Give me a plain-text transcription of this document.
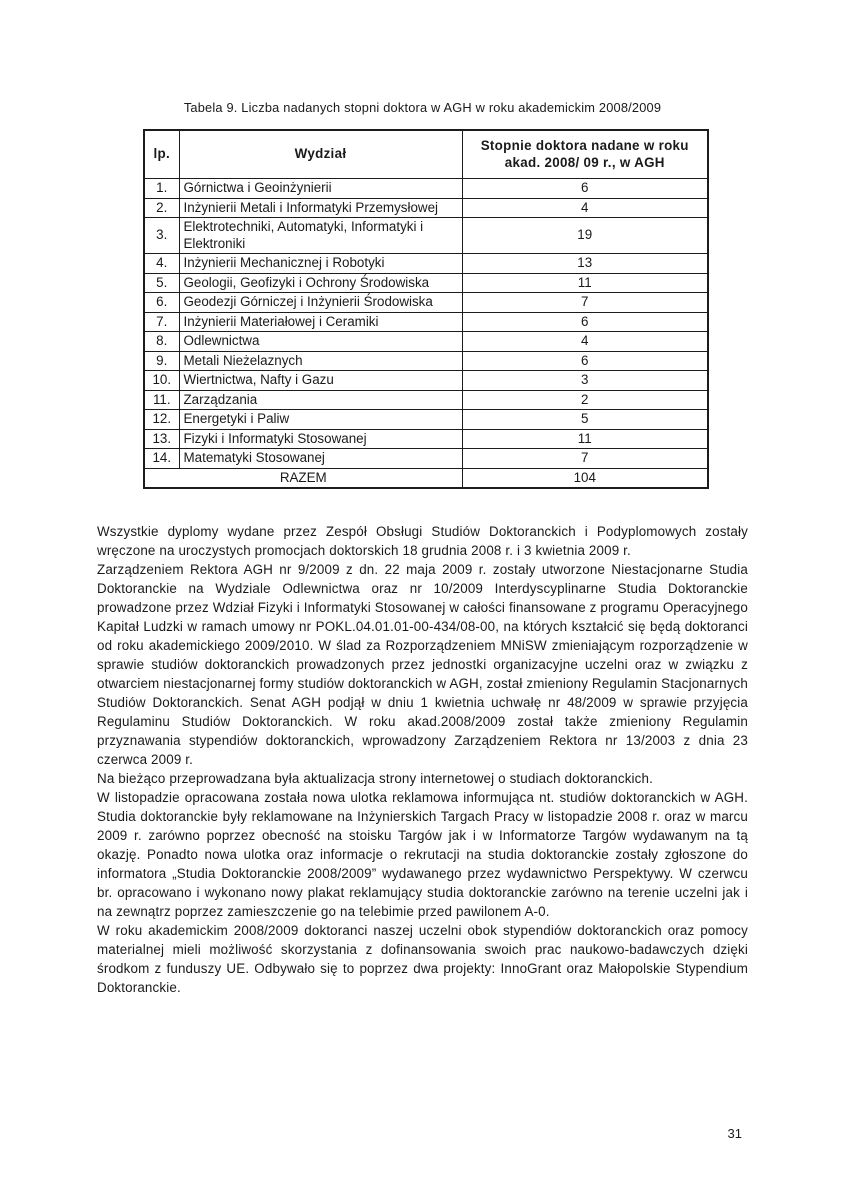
Tabela 9. Liczba nadanych stopni doktora w AGH w roku akademickim 2008/2009
lp.	Wydział	Stopnie doktora nadane w roku akad. 2008/ 09 r., w AGH
1.	Górnictwa i Geoinżynierii	6
2.	Inżynierii Metali i Informatyki Przemysłowej	4
3.	Elektrotechniki, Automatyki, Informatyki i Elektroniki	19
4.	Inżynierii Mechanicznej i Robotyki	13
5.	Geologii, Geofizyki i Ochrony Środowiska	11
6.	Geodezji Górniczej i Inżynierii Środowiska	7
7.	Inżynierii Materiałowej i Ceramiki	6
8.	Odlewnictwa	4
9.	Metali Nieżelaznych	6
10.	Wiertnictwa, Nafty i Gazu	3
11.	Zarządzania	2
12.	Energetyki i Paliw	5
13.	Fizyki i Informatyki Stosowanej	11
14.	Matematyki Stosowanej	7
RAZEM		104

Wszystkie dyplomy wydane przez Zespół Obsługi Studiów Doktoranckich i Podyplomowych zostały wręczone na uroczystych promocjach doktorskich 18 grudnia 2008 r. i 3 kwietnia 2009 r.

Zarządzeniem Rektora AGH nr 9/2009 z dn. 22 maja 2009 r. zostały utworzone Niestacjonarne Studia Doktoranckie na Wydziale Odlewnictwa oraz nr 10/2009 Interdyscyplinarne Studia Doktoranckie prowadzone przez Wdział Fizyki i Informatyki Stosowanej w całości finansowane z programu Operacyjnego Kapitał Ludzki w ramach umowy nr POKL.04.01.01-00-434/08-00, na których kształcić się będą doktoranci od roku akademickiego 2009/2010. W ślad za Rozporządzeniem MNiSW zmieniającym rozporządzenie w sprawie studiów doktoranckich prowadzonych przez jednostki organizacyjne uczelni oraz w związku z otwarciem niestacjonarnej formy studiów doktoranckich w AGH, został zmieniony Regulamin Stacjonarnych Studiów Doktoranckich. Senat AGH podjął w dniu 1 kwietnia uchwałę nr 48/2009 w sprawie przyjęcia Regulaminu Studiów Doktoranckich. W roku akad.2008/2009 został także zmieniony Regulamin przyznawania stypendiów doktoranckich, wprowadzony Zarządzeniem Rektora nr 13/2003 z dnia 23 czerwca 2009 r.

Na bieżąco przeprowadzana była aktualizacja strony internetowej o studiach doktoranckich.

W listopadzie opracowana została nowa ulotka reklamowa informująca nt. studiów doktoranckich w AGH. Studia doktoranckie były reklamowane na Inżynierskich Targach Pracy w listopadzie 2008 r. oraz w marcu 2009 r. zarówno poprzez obecność na stoisku Targów jak i w Informatorze Targów wydawanym na tą okazję. Ponadto nowa ulotka oraz informacje o rekrutacji na studia doktoranckie zostały zgłoszone do informatora „Studia Doktoranckie 2008/2009” wydawanego przez wydawnictwo Perspektywy. W czerwcu br. opracowano i wykonano nowy plakat reklamujący studia doktoranckie zarówno na terenie uczelni jak i na zewnątrz poprzez zamieszczenie go na telebimie przed pawilonem A-0.

W roku akademickim 2008/2009 doktoranci naszej uczelni obok stypendiów doktoranckich oraz pomocy materialnej mieli możliwość skorzystania z dofinansowania swoich prac naukowo-badawczych dzięki środkom z funduszy UE. Odbywało się to poprzez dwa projekty: InnoGrant oraz Małopolskie Stypendium Doktoranckie.

31
